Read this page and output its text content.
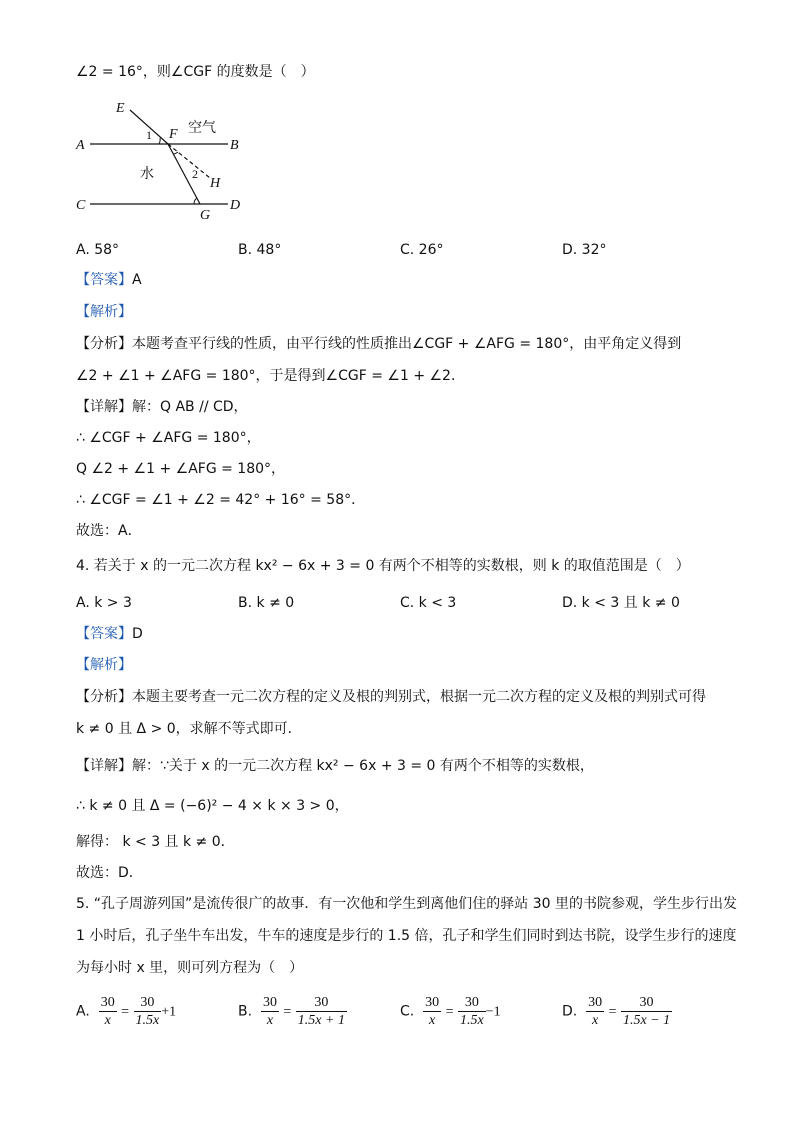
∠2 = 16°，则∠CGF 的度数是（　）
E
A	B
C	D
F
G
H
1
2
空气
水
A. 58°	B. 48°	C. 26°	D. 32°
【答案】A
【解析】
【分析】本题考查平行线的性质，由平行线的性质推出∠CGF + ∠AFG = 180°，由平角定义得到
∠2 + ∠1 + ∠AFG = 180°，于是得到∠CGF = ∠1 + ∠2．
【详解】解：Q AB // CD，
∴ ∠CGF + ∠AFG = 180°，
Q ∠2 + ∠1 + ∠AFG = 180°，
∴ ∠CGF = ∠1 + ∠2 = 42° + 16° = 58°．
故选：A．
4. 若关于 x 的一元二次方程 kx² − 6x + 3 = 0 有两个不相等的实数根，则 k 的取值范围是（　）
A. k > 3	B. k ≠ 0	C. k < 3	D. k < 3 且 k ≠ 0
【答案】D
【解析】
【分析】本题主要考查一元二次方程的定义及根的判别式，根据一元二次方程的定义及根的判别式可得
k ≠ 0 且 Δ > 0，求解不等式即可．
【详解】解：∵关于 x 的一元二次方程 kx² − 6x + 3 = 0 有两个不相等的实数根，
∴ k ≠ 0 且 Δ = (−6)² − 4 × k × 3 > 0，
解得： k < 3 且 k ≠ 0．
故选：D．
5. “孔子周游列国”是流传很广的故事．有一次他和学生到离他们住的驿站 30 里的书院参观，学生步行出发
1 小时后，孔子坐牛车出发，牛车的速度是步行的 1.5 倍，孔子和学生们同时到达书院，设学生步行的速度
为每小时 x 里，则可列方程为（　）
A. $\frac{30}{x} = \frac{30}{1.5x} +1$	B. $\frac{30}{x} = \frac{30}{1.5x + 1}$	C. $\frac{30}{x} = \frac{30}{1.5x} -1$	D. $\frac{30}{x} = \frac{30}{1.5x - 1}$
